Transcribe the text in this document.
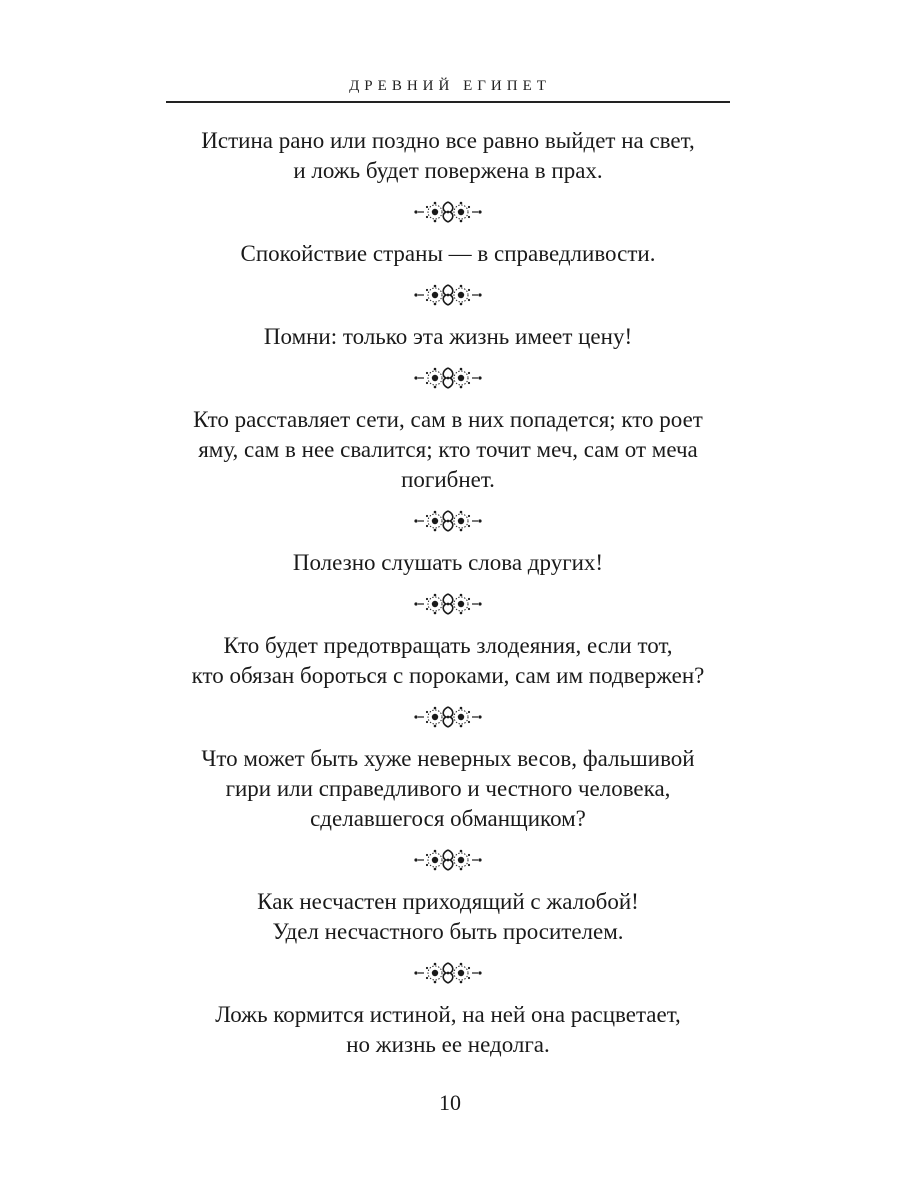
ДРЕВНИЙ ЕГИПЕТ

Истина рано или поздно все равно выйдет на свет,
и ложь будет повержена в прах.

Спокойствие страны — в справедливости.

Помни: только эта жизнь имеет цену!

Кто расставляет сети, сам в них попадется; кто роет
яму, сам в нее свалится; кто точит меч, сам от меча
погибнет.

Полезно слушать слова других!

Кто будет предотвращать злодеяния, если тот,
кто обязан бороться с пороками, сам им подвержен?

Что может быть хуже неверных весов, фальшивой
гири или справедливого и честного человека,
сделавшегося обманщиком?

Как несчастен приходящий с жалобой!
Удел несчастного быть просителем.

Ложь кормится истиной, на ней она расцветает,
но жизнь ее недолга.

10
